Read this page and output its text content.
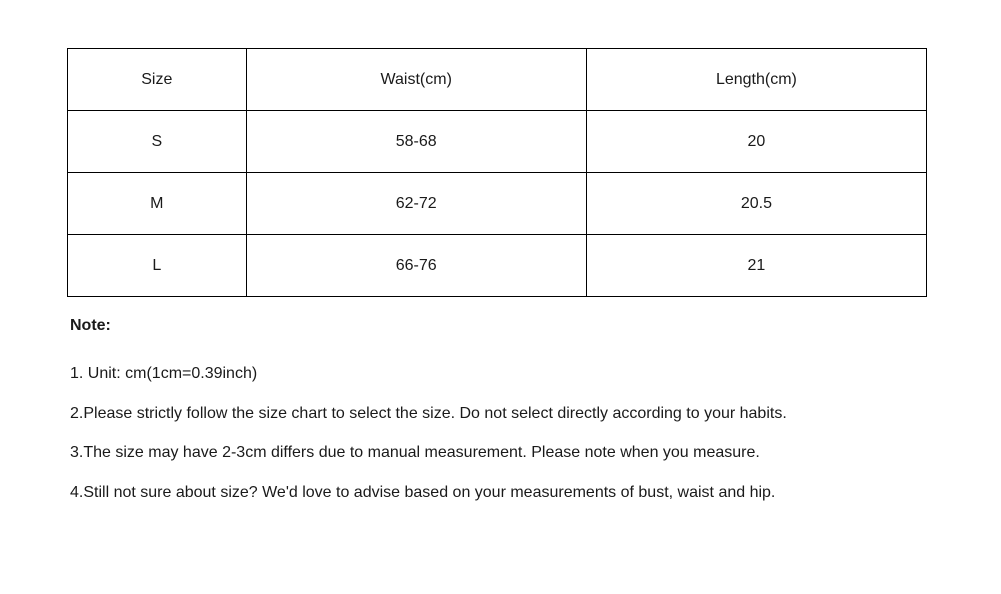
Size	Waist(cm)	Length(cm)
S	58-68	20
M	62-72	20.5
L	66-76	21

Note:

1. Unit: cm(1cm=0.39inch)

2.Please strictly follow the size chart to select the size. Do not select directly according to your habits.

3.The size may have 2-3cm differs due to manual measurement. Please note when you measure.

4.Still not sure about size? We'd love to advise based on your measurements of bust, waist and hip.
